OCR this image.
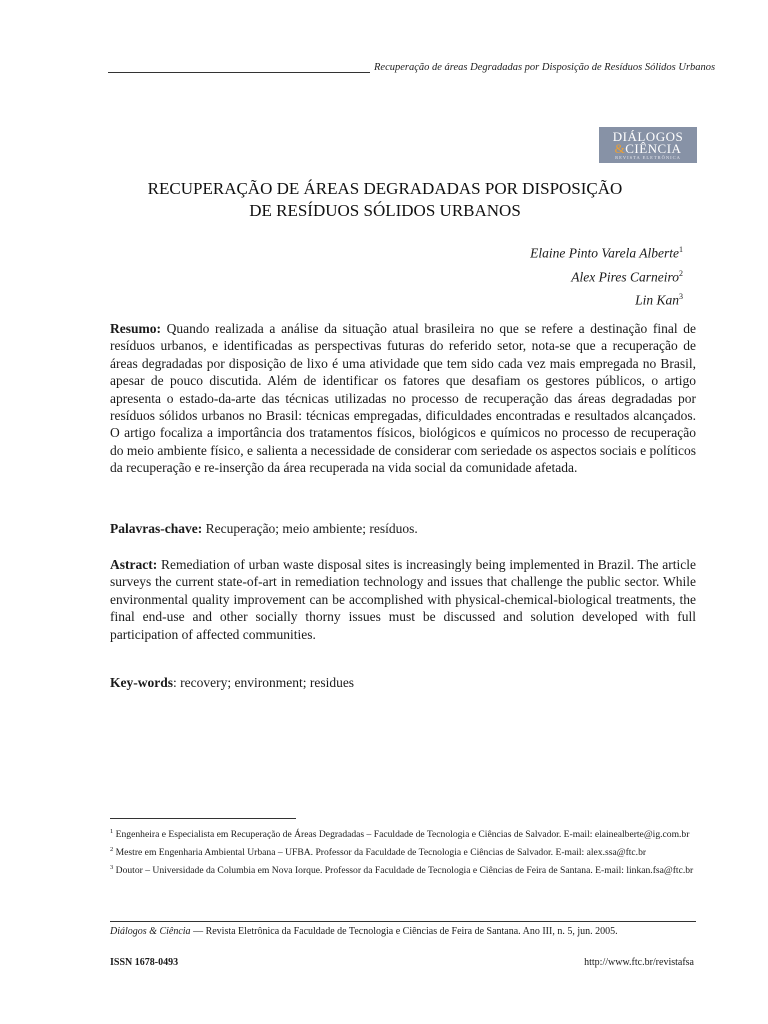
Recuperação de áreas Degradadas por Disposição de Resíduos Sólidos Urbanos
DIÁLOGOS
&CIÊNCIA
REVISTA ELETRÔNICA
RECUPERAÇÃO DE ÁREAS DEGRADADAS POR DISPOSIÇÃO
DE RESÍDUOS SÓLIDOS URBANOS
Elaine Pinto Varela Alberte$^1$
Alex Pires Carneiro$^2$
Lin Kan$^3$
Resumo: Quando realizada a análise da situação atual brasileira no que se refere a destinação final de resíduos urbanos, e identificadas as perspectivas futuras do referido setor, nota-se que a recuperação de áreas degradadas por disposição de lixo é uma atividade que tem sido cada vez mais empregada no Brasil, apesar de pouco discutida. Além de identificar os fatores que desafiam os gestores públicos, o artigo apresenta o estado-da-arte das técnicas utilizadas no processo de recuperação das áreas degradadas por resíduos sólidos urbanos no Brasil: técnicas empregadas, dificuldades encontradas e resultados alcançados. O artigo focaliza a importância dos tratamentos físicos, biológicos e químicos no processo de recuperação do meio ambiente físico, e salienta a necessidade de considerar com seriedade os aspectos sociais e políticos da recuperação e re-inserção da área recuperada na vida social da comunidade afetada.
Palavras-chave: Recuperação; meio ambiente; resíduos.
Astract: Remediation of urban waste disposal sites is increasingly being implemented in Brazil. The article surveys the current state-of-art in remediation technology and issues that challenge the public sector. While environmental quality improvement can be accomplished with physical-chemical-biological treatments, the final end-use and other socially thorny issues must be discussed and solution developed with full participation of affected communities.
Key-words: recovery; environment; residues
$^1$ Engenheira e Especialista em Recuperação de Áreas Degradadas – Faculdade de Tecnologia e Ciências de Salvador. E-mail: elainealberte@ig.com.br
$^2$ Mestre em Engenharia Ambiental Urbana – UFBA. Professor da Faculdade de Tecnologia e Ciências de Salvador. E-mail: alex.ssa@ftc.br
$^3$ Doutor – Universidade da Columbia em Nova Iorque. Professor da Faculdade de Tecnologia e Ciências de Feira de Santana. E-mail: linkan.fsa@ftc.br
Diálogos & Ciência — Revista Eletrônica da Faculdade de Tecnologia e Ciências de Feira de Santana. Ano III, n. 5, jun. 2005.
ISSN 1678-0493	http://www.ftc.br/revistafsa
